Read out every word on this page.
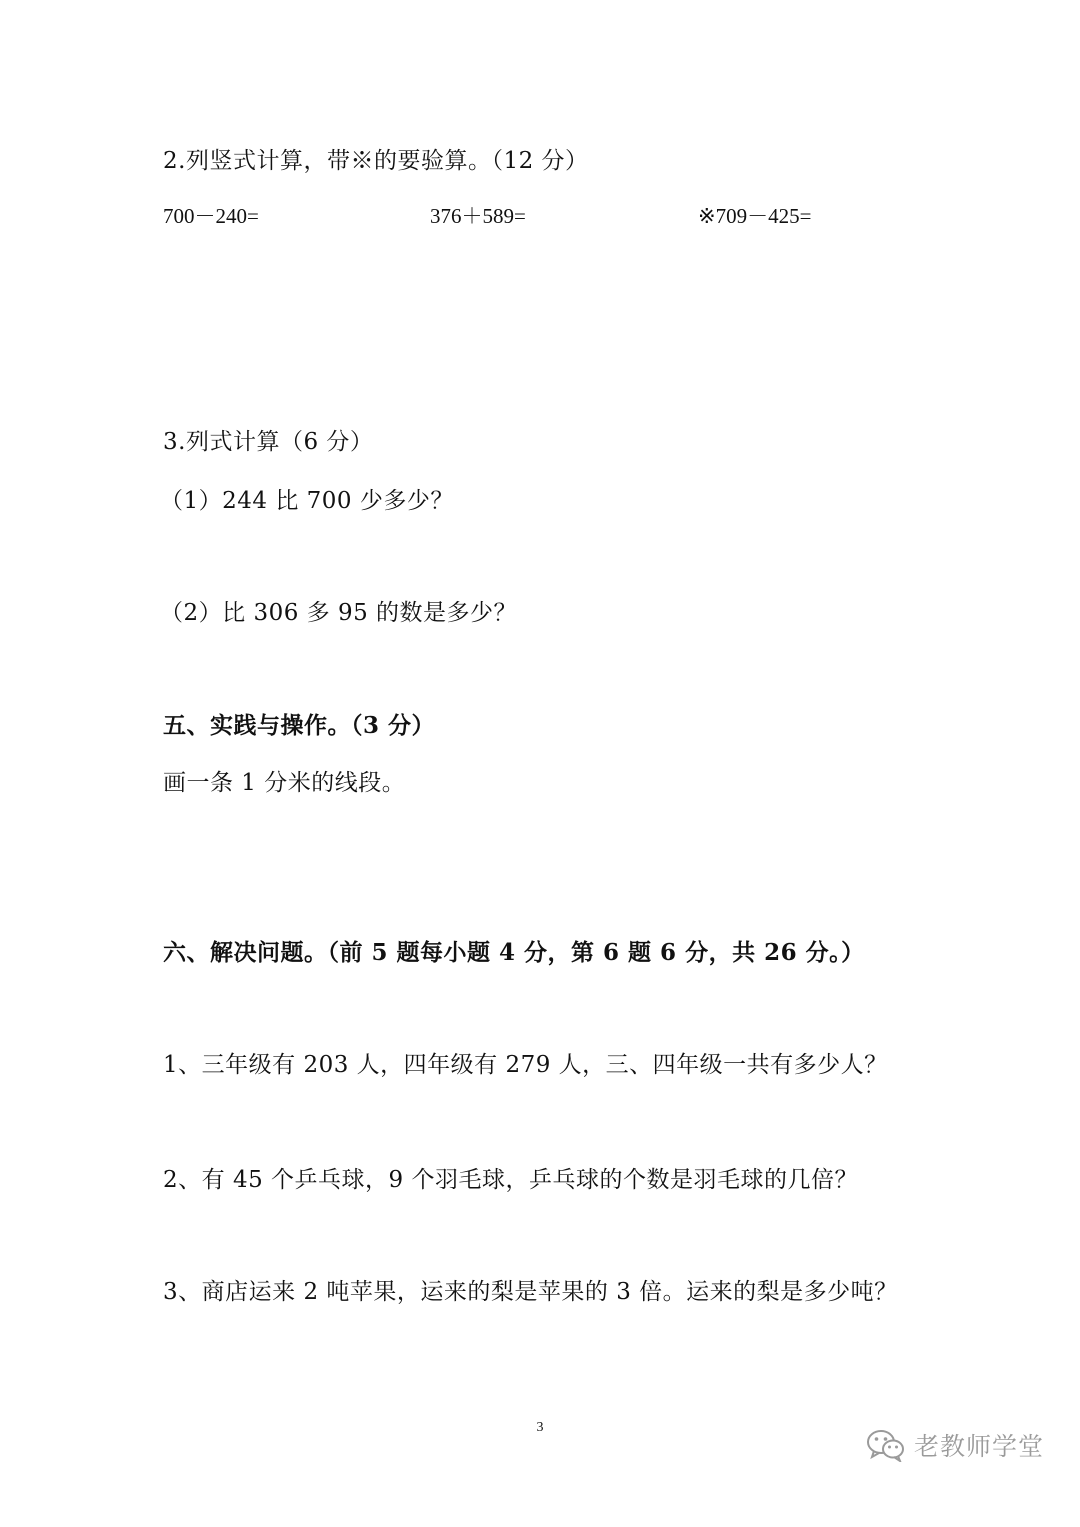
2.列竖式计算，带※的要验算。（12 分）
700－240=	376＋589=	※709－425=
3.列式计算（6 分）
（1）244 比 700 少多少？
（2）比 306 多 95 的数是多少？
五、实践与操作。（3 分）
画一条 1 分米的线段。
六、解决问题。（前 5 题每小题 4 分，第 6 题 6 分，共 26 分。）
1、三年级有 203 人，四年级有 279 人，三、四年级一共有多少人？
2、有 45 个乒乓球，9 个羽毛球，乒乓球的个数是羽毛球的几倍？
3、商店运来 2 吨苹果，运来的梨是苹果的 3 倍。运来的梨是多少吨？
3
老教师学堂
